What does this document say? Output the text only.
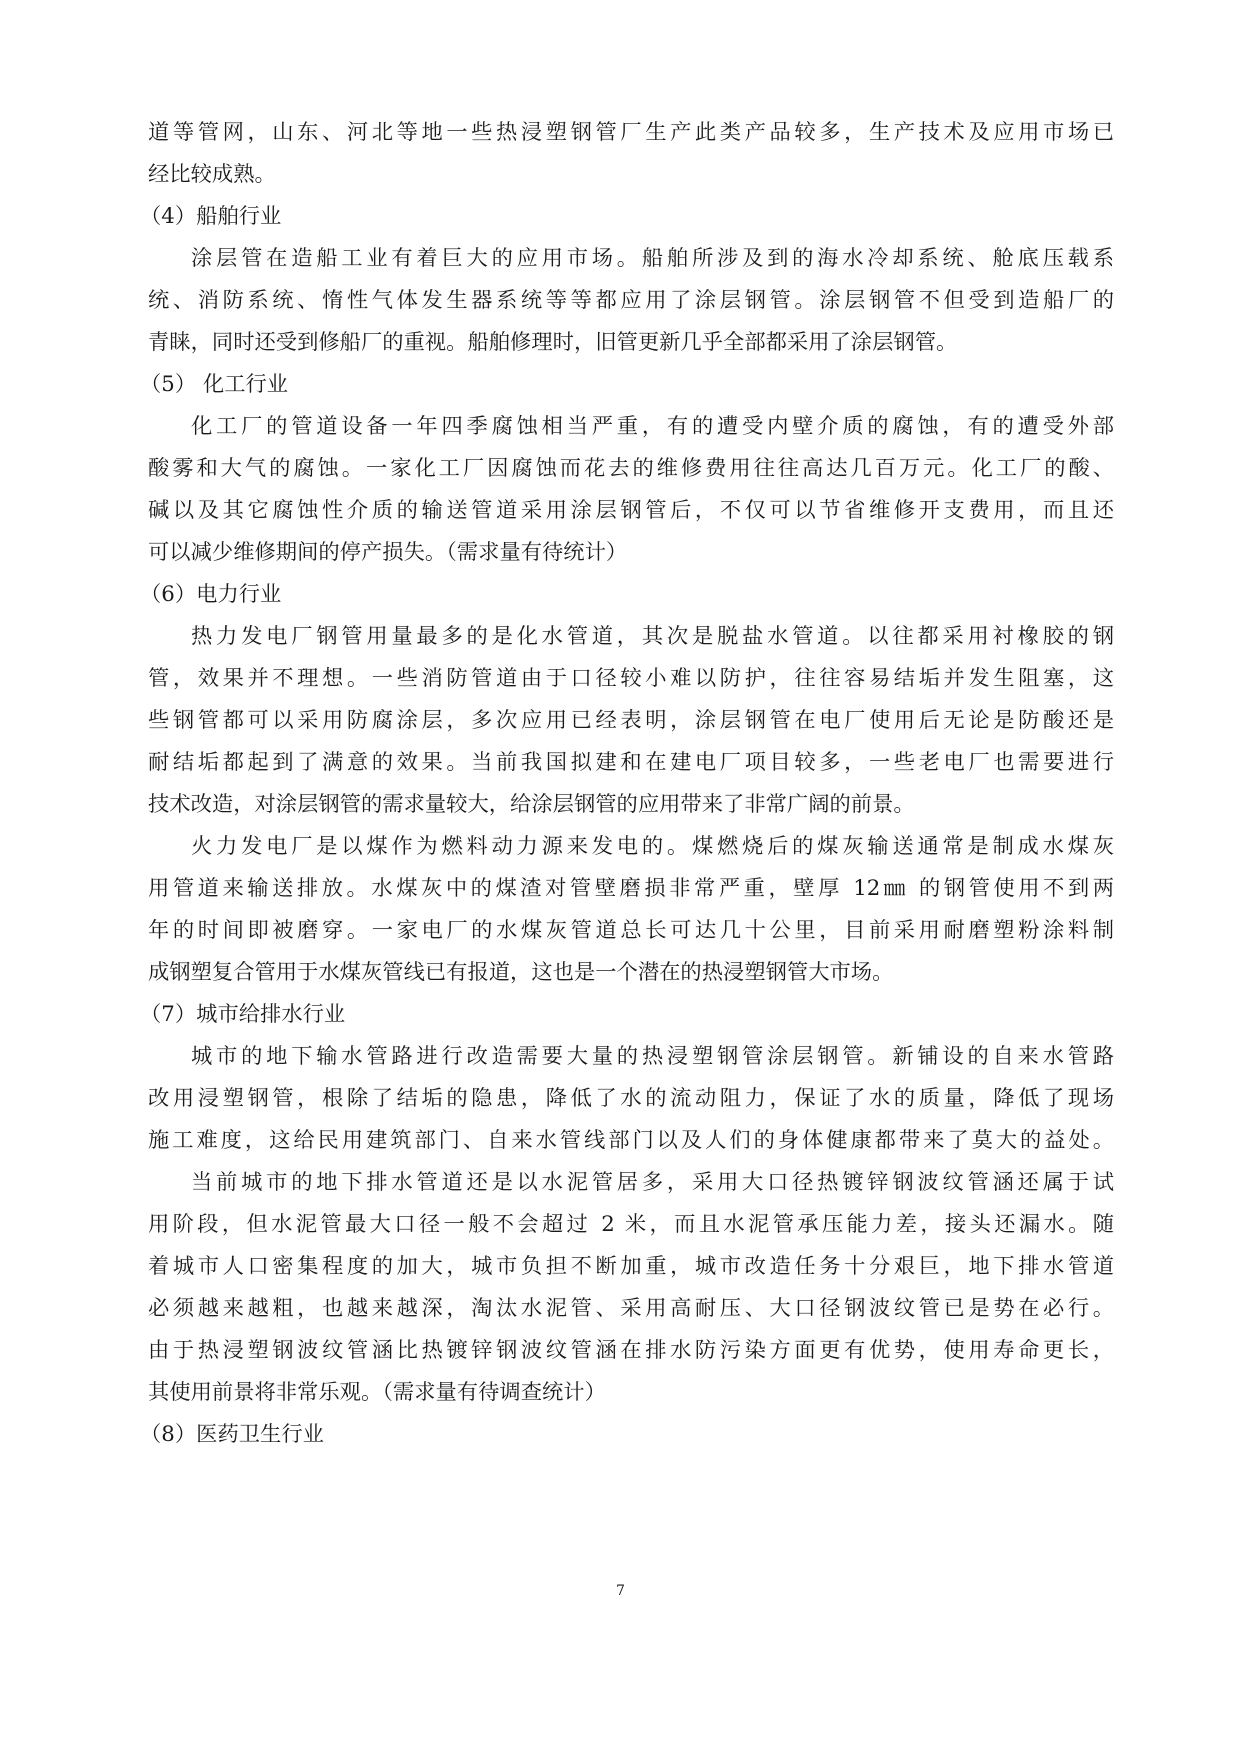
道等管网，山东、河北等地一些热浸塑钢管厂生产此类产品较多，生产技术及应用市场已
经比较成熟。
（4）船舶行业
涂层管在造船工业有着巨大的应用市场。船舶所涉及到的海水冷却系统、舱底压载系
统、消防系统、惰性气体发生器系统等等都应用了涂层钢管。涂层钢管不但受到造船厂的
青睐，同时还受到修船厂的重视。船舶修理时，旧管更新几乎全部都采用了涂层钢管。
（5） 化工行业
化工厂的管道设备一年四季腐蚀相当严重，有的遭受内壁介质的腐蚀，有的遭受外部
酸雾和大气的腐蚀。一家化工厂因腐蚀而花去的维修费用往往高达几百万元。化工厂的酸、
碱以及其它腐蚀性介质的输送管道采用涂层钢管后，不仅可以节省维修开支费用，而且还
可以减少维修期间的停产损失。（需求量有待统计）
（6）电力行业
热力发电厂钢管用量最多的是化水管道，其次是脱盐水管道。以往都采用衬橡胶的钢
管，效果并不理想。一些消防管道由于口径较小难以防护，往往容易结垢并发生阻塞，这
些钢管都可以采用防腐涂层，多次应用已经表明，涂层钢管在电厂使用后无论是防酸还是
耐结垢都起到了满意的效果。当前我国拟建和在建电厂项目较多，一些老电厂也需要进行
技术改造，对涂层钢管的需求量较大，给涂层钢管的应用带来了非常广阔的前景。
火力发电厂是以煤作为燃料动力源来发电的。煤燃烧后的煤灰输送通常是制成水煤灰
用管道来输送排放。水煤灰中的煤渣对管壁磨损非常严重，壁厚 12㎜ 的钢管使用不到两
年的时间即被磨穿。一家电厂的水煤灰管道总长可达几十公里，目前采用耐磨塑粉涂料制
成钢塑复合管用于水煤灰管线已有报道，这也是一个潜在的热浸塑钢管大市场。
（7）城市给排水行业
城市的地下输水管路进行改造需要大量的热浸塑钢管涂层钢管。新铺设的自来水管路
改用浸塑钢管，根除了结垢的隐患，降低了水的流动阻力，保证了水的质量，降低了现场
施工难度，这给民用建筑部门、自来水管线部门以及人们的身体健康都带来了莫大的益处。
当前城市的地下排水管道还是以水泥管居多，采用大口径热镀锌钢波纹管涵还属于试
用阶段，但水泥管最大口径一般不会超过 2 米，而且水泥管承压能力差，接头还漏水。随
着城市人口密集程度的加大，城市负担不断加重，城市改造任务十分艰巨，地下排水管道
必须越来越粗，也越来越深，淘汰水泥管、采用高耐压、大口径钢波纹管已是势在必行。
由于热浸塑钢波纹管涵比热镀锌钢波纹管涵在排水防污染方面更有优势，使用寿命更长，
其使用前景将非常乐观。（需求量有待调查统计）
（8）医药卫生行业
7
